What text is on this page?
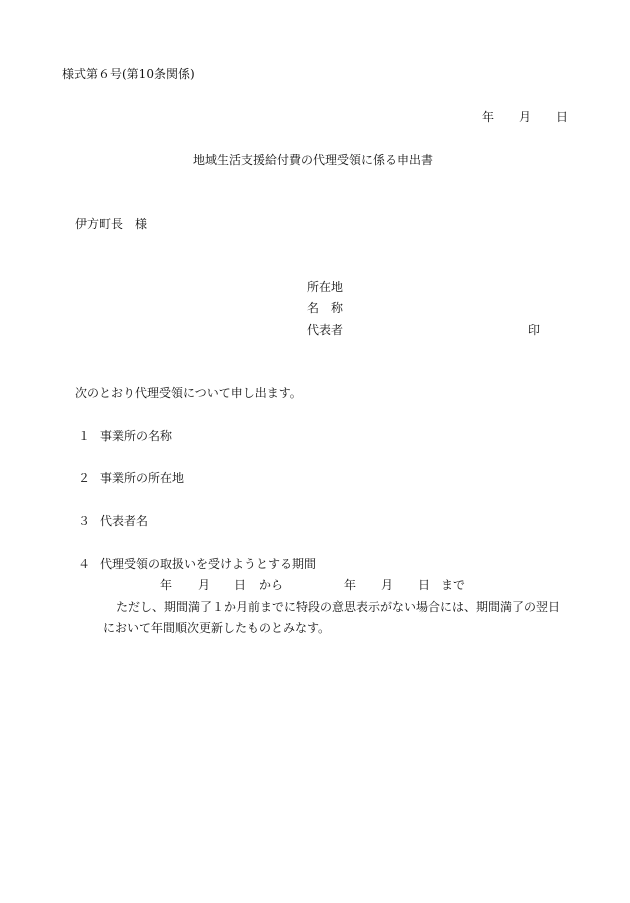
様式第６号(第10条関係)
年 月 日
地域生活支援給付費の代理受領に係る申出書
伊方町長　様
所在地
名　称
代表者	印
次のとおり代理受領について申し出ます。
１ 事業所の名称
２ 事業所の所在地
３ 代表者名
４ 代理受領の取扱いを受けようとする期間
年 月 日 から	年 月 日 まで
ただし、期間満了１か月前までに特段の意思表示がない場合には、期間満了の翌日
において年間順次更新したものとみなす。
